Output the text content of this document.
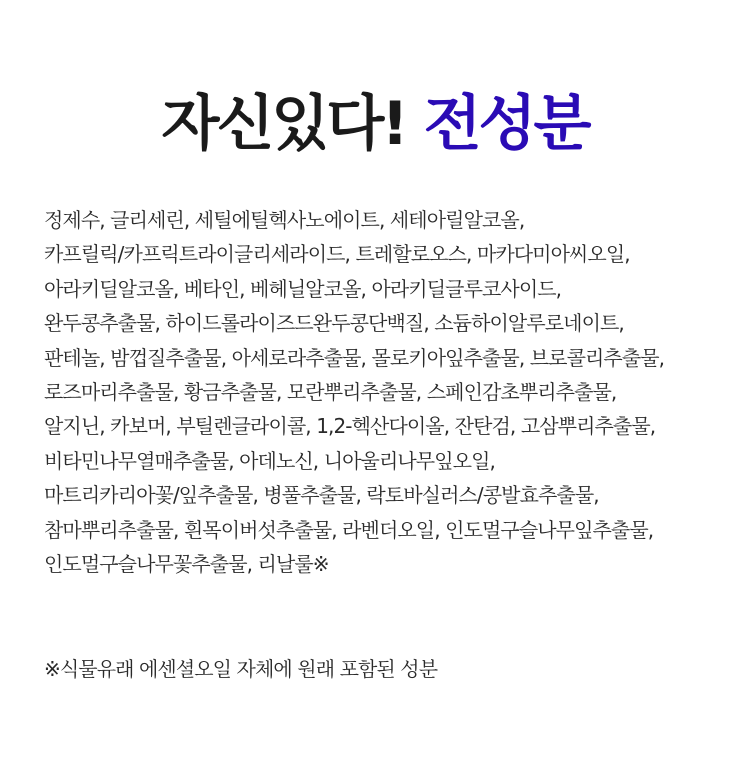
자신있다! 전성분
정제수, 글리세린, 세틸에틸헥사노에이트, 세테아릴알코올,
카프릴릭/카프릭트라이글리세라이드, 트레할로오스, 마카다미아씨오일,
아라키딜알코올, 베타인, 베헤닐알코올, 아라키딜글루코사이드,
완두콩추출물, 하이드롤라이즈드완두콩단백질, 소듐하이알루로네이트,
판테놀, 밤껍질추출물, 아세로라추출물, 몰로키아잎추출물, 브로콜리추출물,
로즈마리추출물, 황금추출물, 모란뿌리추출물, 스페인감초뿌리추출물,
알지닌, 카보머, 부틸렌글라이콜, 1,2-헥산다이올, 잔탄검, 고삼뿌리추출물,
비타민나무열매추출물, 아데노신, 니아울리나무잎오일,
마트리카리아꽃/잎추출물, 병풀추출물, 락토바실러스/콩발효추출물,
참마뿌리추출물, 흰목이버섯추출물, 라벤더오일, 인도멀구슬나무잎추출물,
인도멀구슬나무꽃추출물, 리날룰※
※식물유래 에센셜오일 자체에 원래 포함된 성분
